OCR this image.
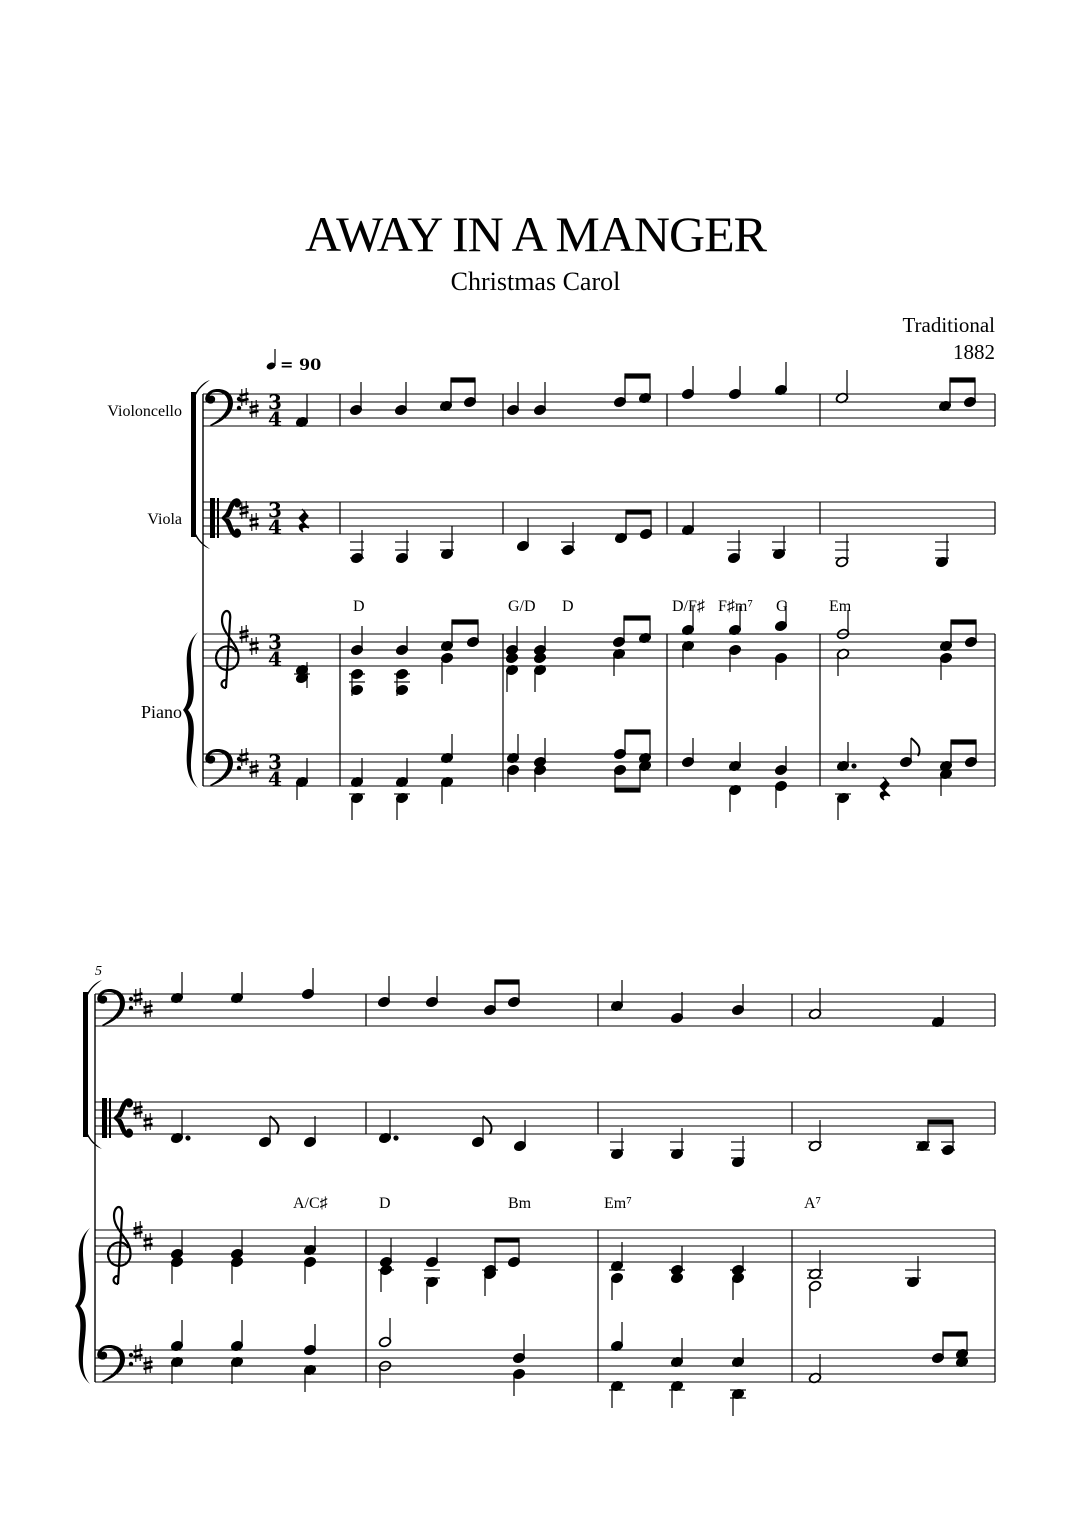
AWAY IN A MANGER
Christmas Carol
Traditional
1882
= 90
Violoncello
Viola
Piano
3
4
3
4
3
4
3
4
D	G/D D	D/F♯ F♯m⁷ G	Em
5
A/C♯	D	Bm	Em⁷	A⁷
